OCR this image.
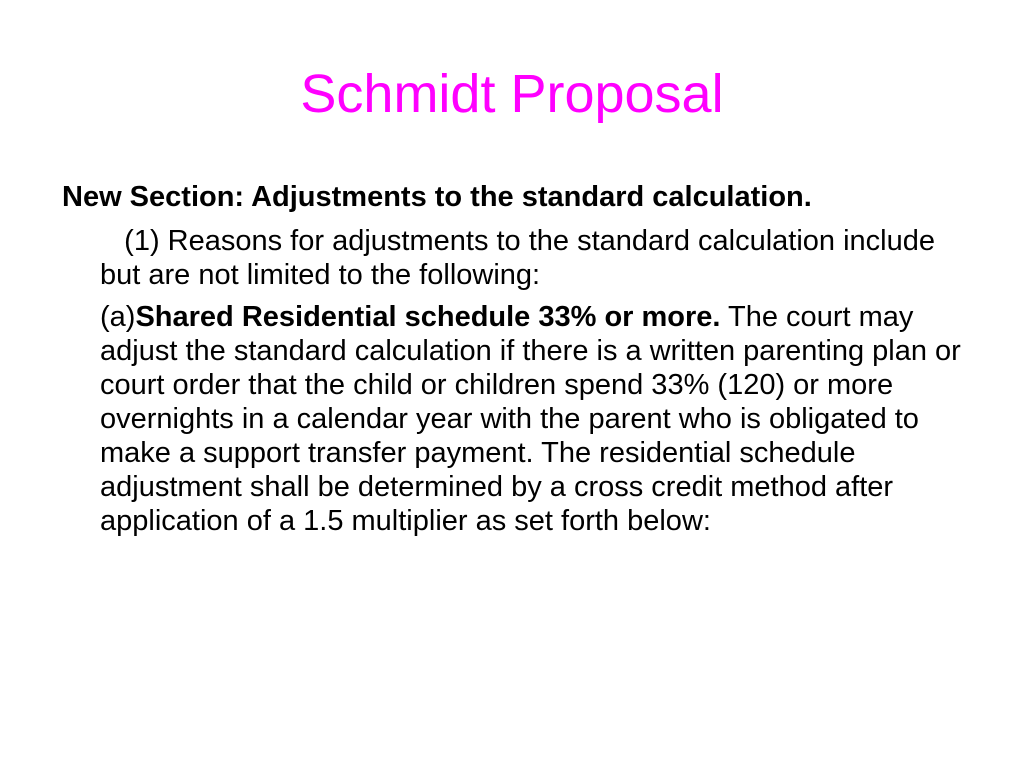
Schmidt Proposal
New Section: Adjustments to the standard calculation.
(1) Reasons for adjustments to the standard calculation include but are not limited to the following:
(a)Shared Residential schedule 33% or more. The court may adjust the standard calculation if there is a written parenting plan or court order that the child or children spend 33% (120) or more overnights in a calendar year with the parent who is obligated to make a support transfer payment. The residential schedule adjustment shall be determined by a cross credit method after application of a 1.5 multiplier as set forth below:
